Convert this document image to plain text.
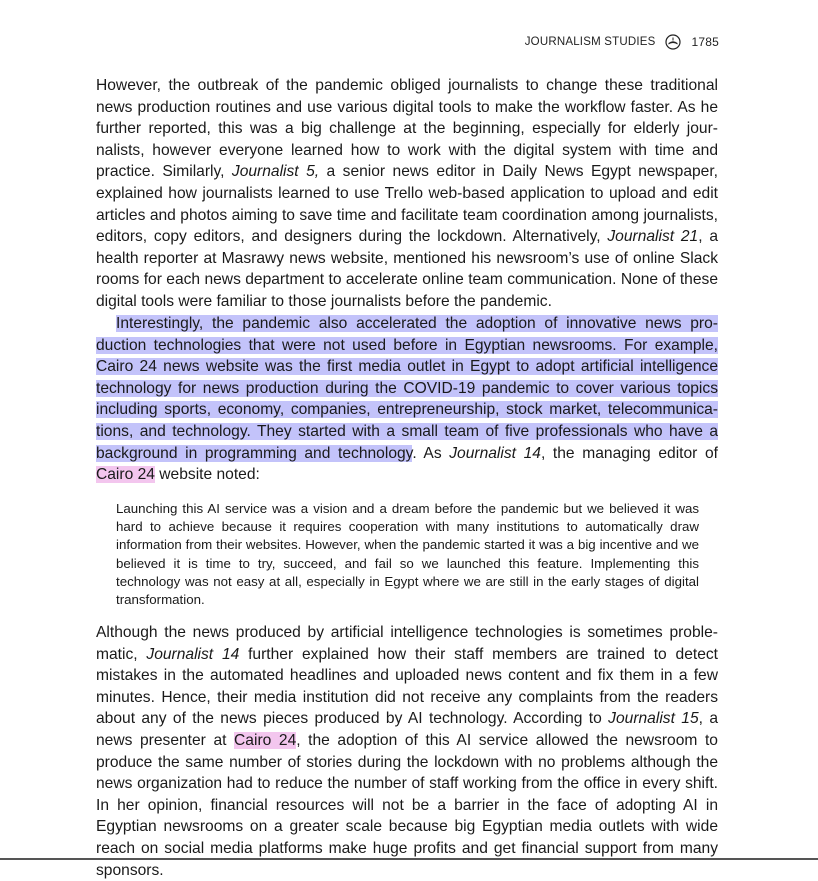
JOURNALISM STUDIES	1785

However, the outbreak of the pandemic obliged journalists to change these traditional news production routines and use various digital tools to make the workflow faster. As he further reported, this was a big challenge at the beginning, especially for elderly journalists, however everyone learned how to work with the digital system with time and practice. Similarly, Journalist 5, a senior news editor in Daily News Egypt newspaper, explained how journalists learned to use Trello web-based application to upload and edit articles and photos aiming to save time and facilitate team coordination among journalists, editors, copy editors, and designers during the lockdown. Alternatively, Journalist 21, a health reporter at Masrawy news website, mentioned his newsroom’s use of online Slack rooms for each news department to accelerate online team communication. None of these digital tools were familiar to those journalists before the pandemic.

Interestingly, the pandemic also accelerated the adoption of innovative news production technologies that were not used before in Egyptian newsrooms. For example, Cairo 24 news website was the first media outlet in Egypt to adopt artificial intelligence technology for news production during the COVID-19 pandemic to cover various topics including sports, economy, companies, entrepreneurship, stock market, telecommunications, and technology. They started with a small team of five professionals who have a background in programming and technology. As Journalist 14, the managing editor of Cairo 24 website noted:

Launching this AI service was a vision and a dream before the pandemic but we believed it was hard to achieve because it requires cooperation with many institutions to automatically draw information from their websites. However, when the pandemic started it was a big incentive and we believed it is time to try, succeed, and fail so we launched this feature. Implementing this technology was not easy at all, especially in Egypt where we are still in the early stages of digital transformation.

Although the news produced by artificial intelligence technologies is sometimes problematic, Journalist 14 further explained how their staff members are trained to detect mistakes in the automated headlines and uploaded news content and fix them in a few minutes. Hence, their media institution did not receive any complaints from the readers about any of the news pieces produced by AI technology. According to Journalist 15, a news presenter at Cairo 24, the adoption of this AI service allowed the newsroom to produce the same number of stories during the lockdown with no problems although the news organization had to reduce the number of staff working from the office in every shift. In her opinion, financial resources will not be a barrier in the face of adopting AI in Egyptian newsrooms on a greater scale because big Egyptian media outlets with wide reach on social media platforms make huge profits and get financial support from many sponsors.
